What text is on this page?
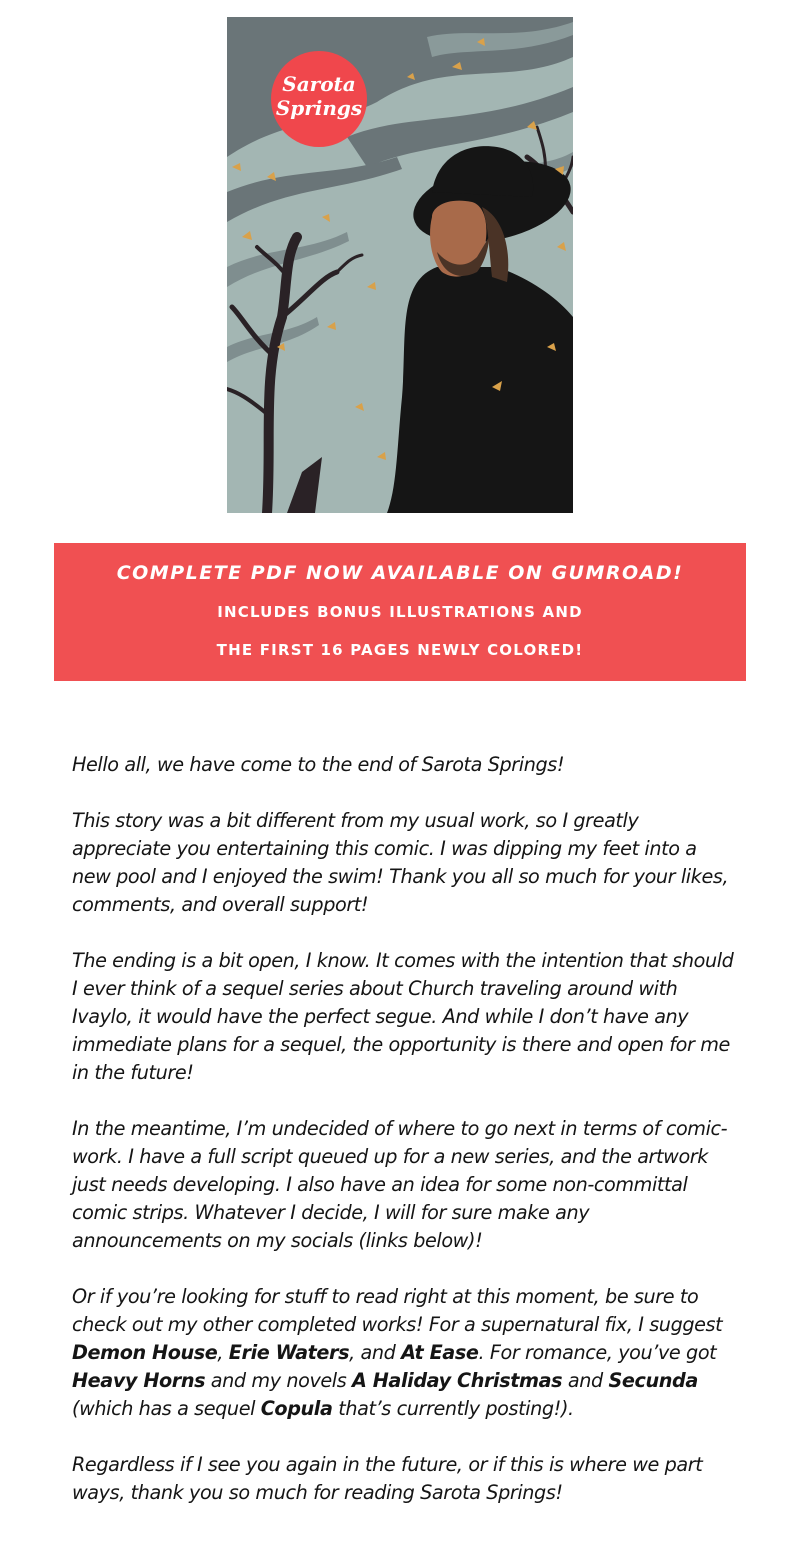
Sarota
Springs
COMPLETE PDF NOW AVAILABLE ON GUMROAD!
INCLUDES BONUS ILLUSTRATIONS AND
THE FIRST 16 PAGES NEWLY COLORED!

Hello all, we have come to the end of Sarota Springs!

This story was a bit different from my usual work, so I greatly appreciate you entertaining this comic. I was dipping my feet into a new pool and I enjoyed the swim! Thank you all so much for your likes, comments, and overall support!

The ending is a bit open, I know. It comes with the intention that should I ever think of a sequel series about Church traveling around with Ivaylo, it would have the perfect segue. And while I don’t have any immediate plans for a sequel, the opportunity is there and open for me in the future!

In the meantime, I’m undecided of where to go next in terms of comic-work. I have a full script queued up for a new series, and the artwork just needs developing. I also have an idea for some non-committal comic strips. Whatever I decide, I will for sure make any announcements on my socials (links below)!

Or if you’re looking for stuff to read right at this moment, be sure to check out my other completed works! For a supernatural fix, I suggest Demon House, Erie Waters, and At Ease. For romance, you’ve got Heavy Horns and my novels A Haliday Christmas and Secunda (which has a sequel Copula that’s currently posting!).

Regardless if I see you again in the future, or if this is where we part ways, thank you so much for reading Sarota Springs!
